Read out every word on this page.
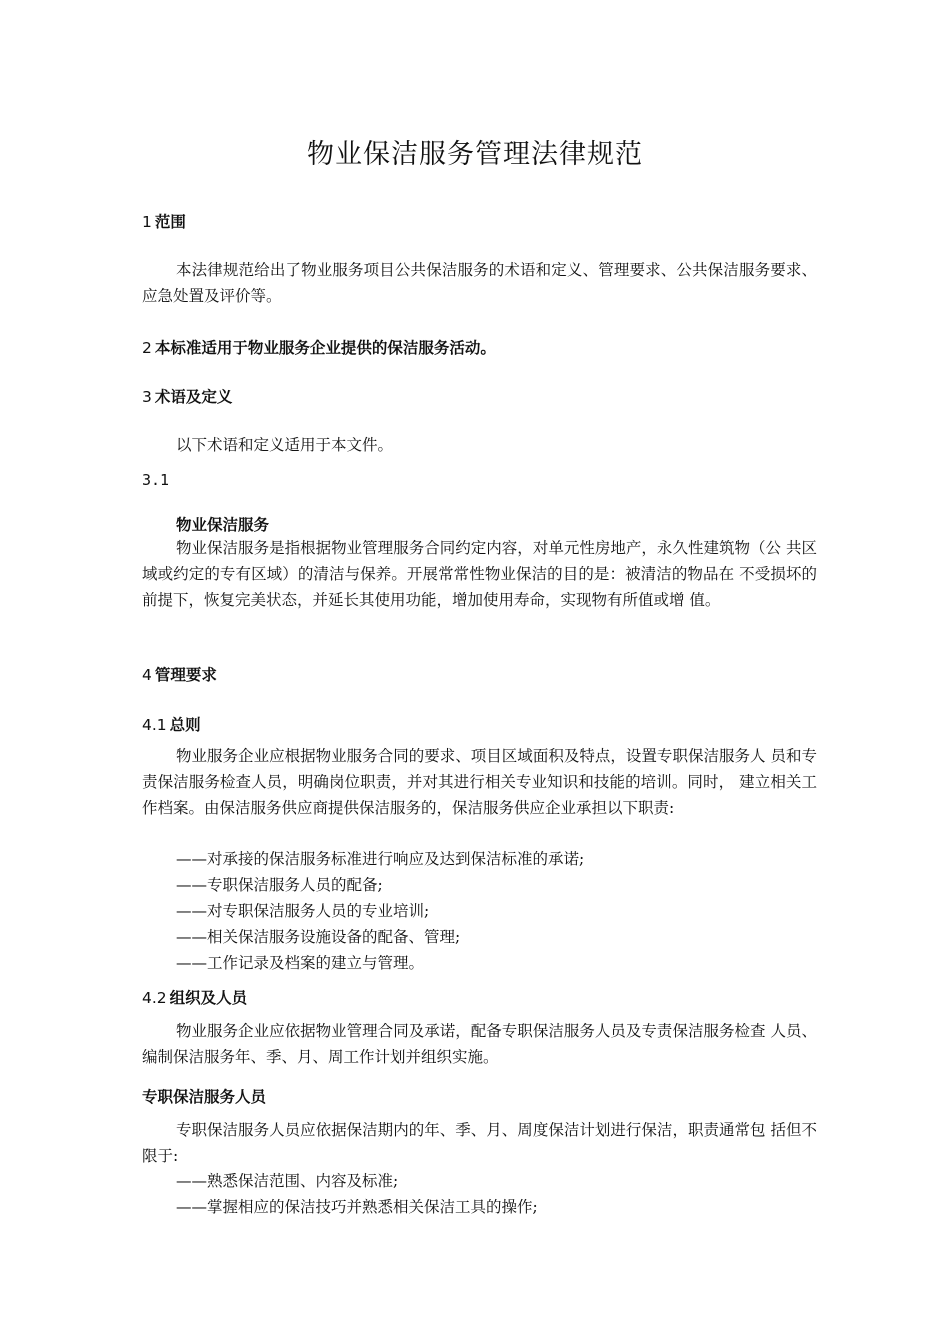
物业保洁服务管理法律规范
1 范围
本法律规范给出了物业服务项目公共保洁服务的术语和定义、管理要求、公共保洁服务要求、 应急处置及评价等。
2 本标准适用于物业服务企业提供的保洁服务活动。
3 术语及定义
以下术语和定义适用于本文件。
3.1
物业保洁服务
物业保洁服务是指根据物业管理服务合同约定内容，对单元性房地产，永久性建筑物（公 共区域或约定的专有区域）的清洁与保养。开展常常性物业保洁的目的是：被清洁的物品在 不受损坏的前提下，恢复完美状态，并延长其使用功能，增加使用寿命，实现物有所值或增 值。
4 管理要求
4.1 总则
物业服务企业应根据物业服务合同的要求、项目区域面积及特点，设置专职保洁服务人 员和专责保洁服务检查人员，明确岗位职责，并对其进行相关专业知识和技能的培训。同时， 建立相关工作档案。由保洁服务供应商提供保洁服务的，保洁服务供应企业承担以下职责:
——对承接的保洁服务标准进行响应及达到保洁标准的承诺;
——专职保洁服务人员的配备;
——对专职保洁服务人员的专业培训;
——相关保洁服务设施设备的配备、管理;
——工作记录及档案的建立与管理。
4.2 组织及人员
物业服务企业应依据物业管理合同及承诺，配备专职保洁服务人员及专责保洁服务检查 人员、编制保洁服务年、季、月、周工作计划并组织实施。
专职保洁服务人员
专职保洁服务人员应依据保洁期内的年、季、月、周度保洁计划进行保洁，职责通常包 括但不限于:
——熟悉保洁范围、内容及标准;
——掌握相应的保洁技巧并熟悉相关保洁工具的操作;
